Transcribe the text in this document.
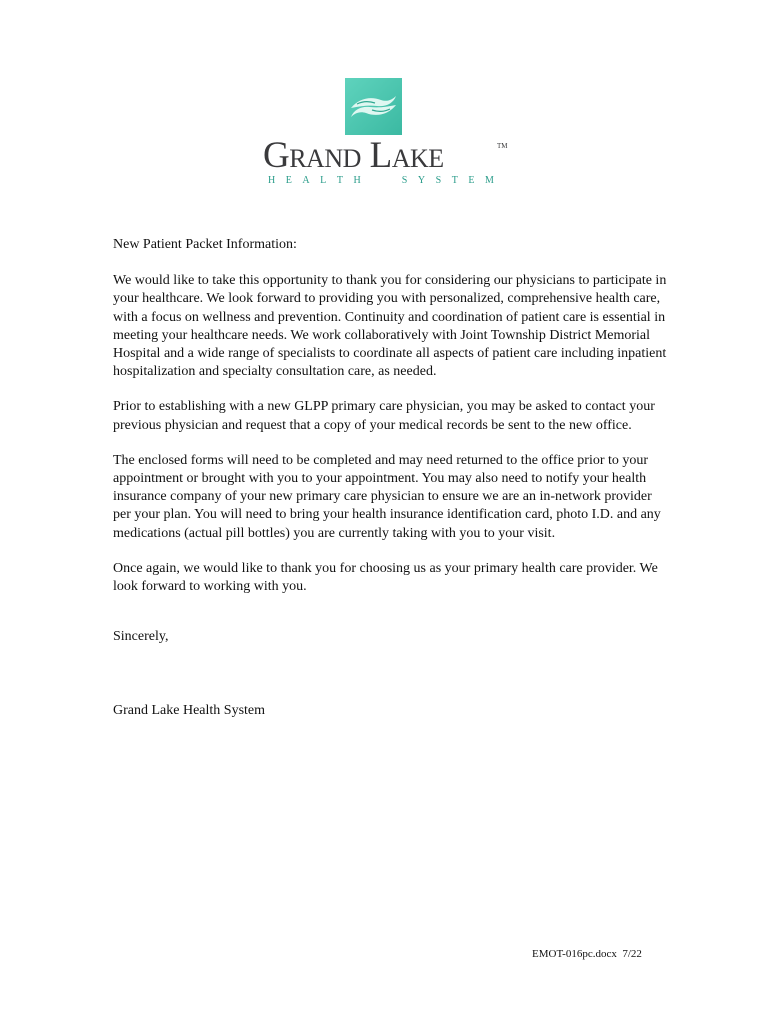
Grand Lake	TM
H E A L T H	S Y S T E M

New Patient Packet Information:

We would like to take this opportunity to thank you for considering our physicians to participate in your healthcare. We look forward to providing you with personalized, comprehensive health care, with a focus on wellness and prevention. Continuity and coordination of patient care is essential in meeting your healthcare needs. We work collaboratively with Joint Township District Memorial Hospital and a wide range of specialists to coordinate all aspects of patient care including inpatient hospitalization and specialty consultation care, as needed.

Prior to establishing with a new GLPP primary care physician, you may be asked to contact your previous physician and request that a copy of your medical records be sent to the new office.

The enclosed forms will need to be completed and may need returned to the office prior to your appointment or brought with you to your appointment. You may also need to notify your health insurance company of your new primary care physician to ensure we are an in-network provider per your plan. You will need to bring your health insurance identification card, photo I.D. and any medications (actual pill bottles) you are currently taking with you to your visit.

Once again, we would like to thank you for choosing us as your primary health care provider. We look forward to working with you.

Sincerely,

Grand Lake Health System

EMOT-016pc.docx  7/22
